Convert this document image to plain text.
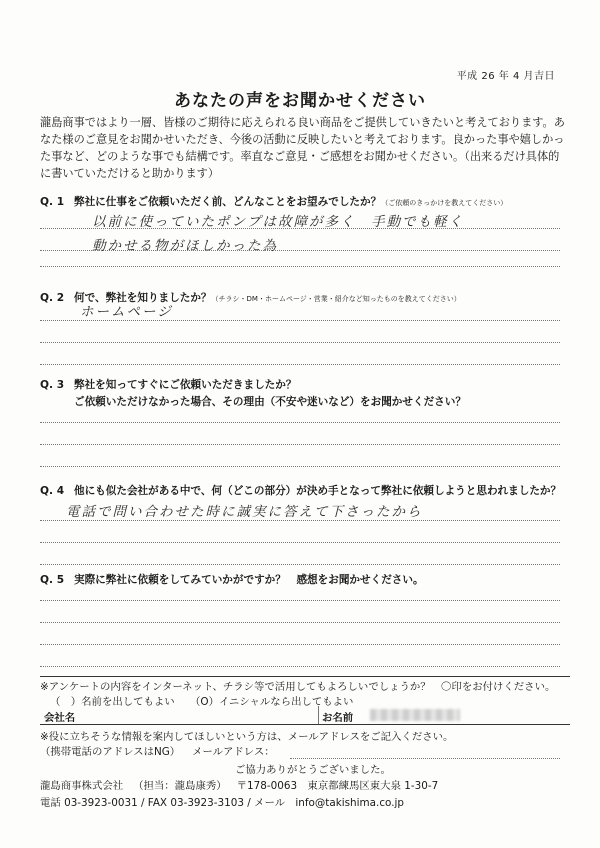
平成 26 年 4 月吉日
あなたの声をお聞かせください
瀧島商事ではより一層、皆様のご期待に応えられる良い商品をご提供していきたいと考えております。あなた様のご意見をお聞かせいただき、今後の活動に反映したいと考えております。良かった事や嬉しかった事など、どのような事でも結構です。率直なご意見・ご感想をお聞かせください。（出来るだけ具体的に書いていただけると助かります）
Q. 1 弊社に仕事をご依頼いただく前、どんなことをお望みでしたか？（ご依頼のきっかけを教えてください）
以前に使っていたポンプは故障が多く　手動でも軽く
動かせる物がほしかった為
Q. 2 何で、弊社を知りましたか？（チラシ・DM・ホームページ・営業・紹介など知ったものを教えてください）
ホームページ
Q. 3 弊社を知ってすぐにご依頼いただきましたか？
ご依頼いただけなかった場合、その理由（不安や迷いなど）をお聞かせください？
Q. 4 他にも似た会社がある中で、何（どこの部分）が決め手となって弊社に依頼しようと思われましたか？
電話で問い合わせた時に誠実に答えて下さったから
Q. 5 実際に弊社に依頼をしてみていかがですか？　感想をお聞かせください。
※アンケートの内容をインターネット、チラシ等で活用してもよろしいでしょうか？　〇印をお付けください。
（　）名前を出してもよい （O）イニシャルなら出してもよい
会社名	お名前
※役に立ちそうな情報を案内してほしいという方は、メールアドレスをご記入ください。
（携帯電話のアドレスはNG） メールアドレス：
ご協力ありがとうございました。
瀧島商事株式会社 （担当：瀧島康秀） 〒178-0063　東京都練馬区東大泉 1-30-7
電話 03-3923-0031 / FAX 03-3923-3103 / メール　info@takishima.co.jp
